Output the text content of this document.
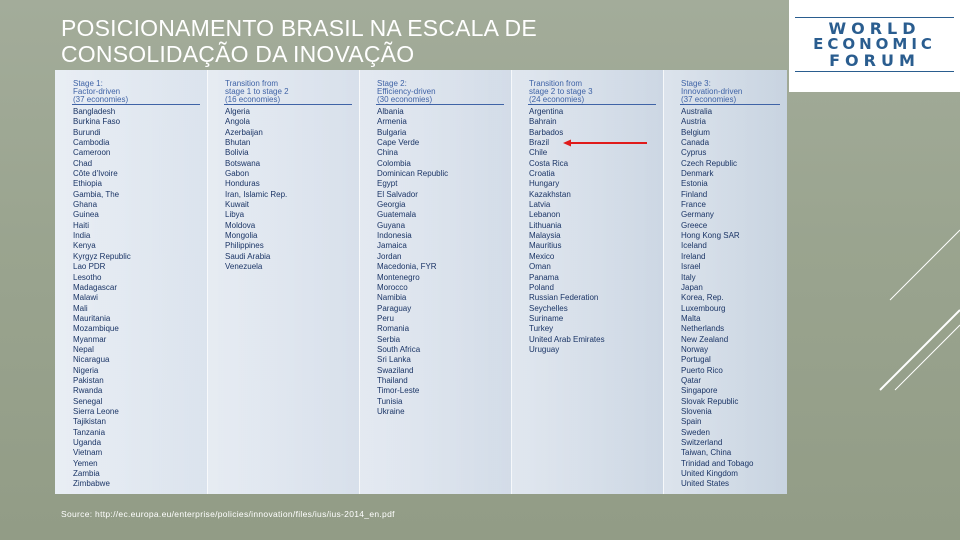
POSICIONAMENTO BRASIL NA ESCALA DE
CONSOLIDAÇÃO DA INOVAÇÃO
WORLD
ECONOMIC
FORUM
Stage 1:
Factor-driven
(37 economies)
Bangladesh
Burkina Faso
Burundi
Cambodia
Cameroon
Chad
Côte d'Ivoire
Ethiopia
Gambia, The
Ghana
Guinea
Haiti
India
Kenya
Kyrgyz Republic
Lao PDR
Lesotho
Madagascar
Malawi
Mali
Mauritania
Mozambique
Myanmar
Nepal
Nicaragua
Nigeria
Pakistan
Rwanda
Senegal
Sierra Leone
Tajikistan
Tanzania
Uganda
Vietnam
Yemen
Zambia
Zimbabwe
Transition from
stage 1 to stage 2
(16 economies)
Algeria
Angola
Azerbaijan
Bhutan
Bolivia
Botswana
Gabon
Honduras
Iran, Islamic Rep.
Kuwait
Libya
Moldova
Mongolia
Philippines
Saudi Arabia
Venezuela
Stage 2:
Efficiency-driven
(30 economies)
Albania
Armenia
Bulgaria
Cape Verde
China
Colombia
Dominican Republic
Egypt
El Salvador
Georgia
Guatemala
Guyana
Indonesia
Jamaica
Jordan
Macedonia, FYR
Montenegro
Morocco
Namibia
Paraguay
Peru
Romania
Serbia
South Africa
Sri Lanka
Swaziland
Thailand
Timor-Leste
Tunisia
Ukraine
Transition from
stage 2 to stage 3
(24 economies)
Argentina
Bahrain
Barbados
Brazil
Chile
Costa Rica
Croatia
Hungary
Kazakhstan
Latvia
Lebanon
Lithuania
Malaysia
Mauritius
Mexico
Oman
Panama
Poland
Russian Federation
Seychelles
Suriname
Turkey
United Arab Emirates
Uruguay
Stage 3:
Innovation-driven
(37 economies)
Australia
Austria
Belgium
Canada
Cyprus
Czech Republic
Denmark
Estonia
Finland
France
Germany
Greece
Hong Kong SAR
Iceland
Ireland
Israel
Italy
Japan
Korea, Rep.
Luxembourg
Malta
Netherlands
New Zealand
Norway
Portugal
Puerto Rico
Qatar
Singapore
Slovak Republic
Slovenia
Spain
Sweden
Switzerland
Taiwan, China
Trinidad and Tobago
United Kingdom
United States
Source: http://ec.europa.eu/enterprise/policies/innovation/files/ius/ius-2014_en.pdf
